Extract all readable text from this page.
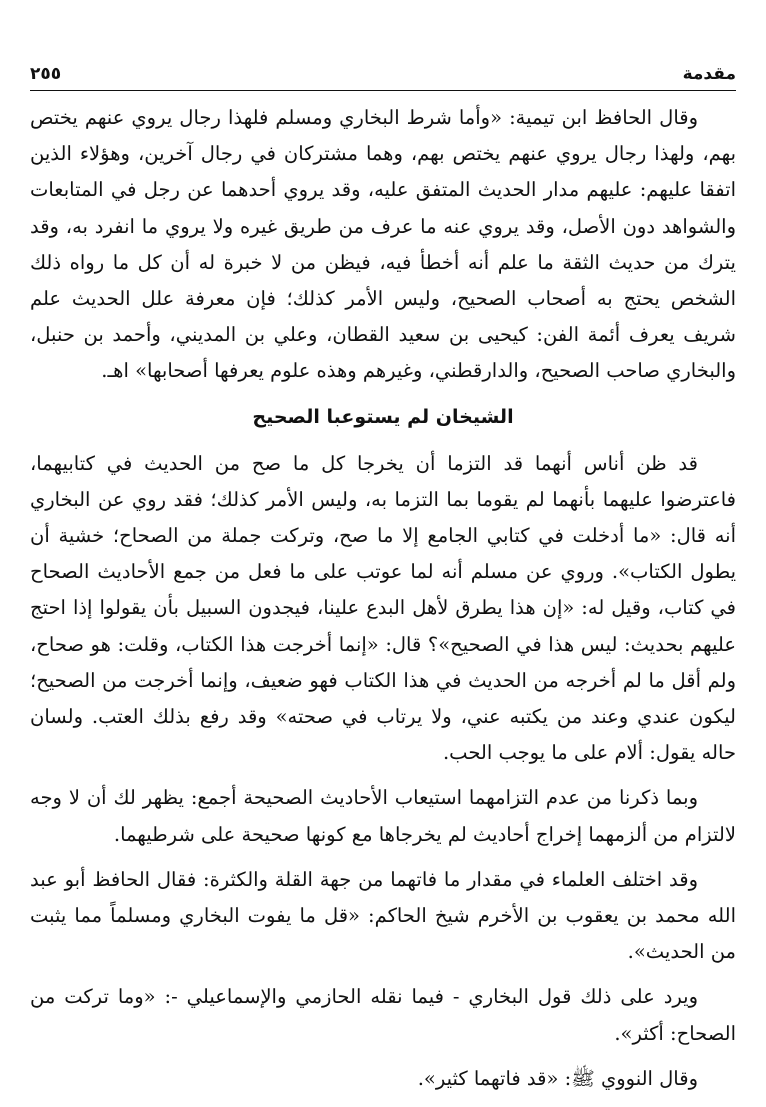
مقدمة
٢٥٥

وقال الحافظ ابن تيمية: «وأما شرط البخاري ومسلم فلهذا رجال يروي عنهم يختص بهم، ولهذا رجال يروي عنهم يختص بهم، وهما مشتركان في رجال آخرين، وهؤلاء الذين اتفقا عليهم: عليهم مدار الحديث المتفق عليه، وقد يروي أحدهما عن رجل في المتابعات والشواهد دون الأصل، وقد يروي عنه ما عرف من طريق غيره ولا يروي ما انفرد به، وقد يترك من حديث الثقة ما علم أنه أخطأ فيه، فيظن من لا خبرة له أن كل ما رواه ذلك الشخص يحتج به أصحاب الصحيح، وليس الأمر كذلك؛ فإن معرفة علل الحديث علم شريف يعرف أئمة الفن: كيحيى بن سعيد القطان، وعلي بن المديني، وأحمد بن حنبل، والبخاري صاحب الصحيح، والدارقطني، وغيرهم وهذه علوم يعرفها أصحابها» اهـ.

الشيخان لم يستوعبا الصحيح

قد ظن أناس أنهما قد التزما أن يخرجا كل ما صح من الحديث في كتابيهما، فاعترضوا عليهما بأنهما لم يقوما بما التزما به، وليس الأمر كذلك؛ فقد روي عن البخاري أنه قال: «ما أدخلت في كتابي الجامع إلا ما صح، وتركت جملة من الصحاح؛ خشية أن يطول الكتاب». وروي عن مسلم أنه لما عوتب على ما فعل من جمع الأحاديث الصحاح في كتاب، وقيل له: «إن هذا يطرق لأهل البدع علينا، فيجدون السبيل بأن يقولوا إذا احتج عليهم بحديث: ليس هذا في الصحيح»؟ قال: «إنما أخرجت هذا الكتاب، وقلت: هو صحاح، ولم أقل ما لم أخرجه من الحديث في هذا الكتاب فهو ضعيف، وإنما أخرجت من الصحيح؛ ليكون عندي وعند من يكتبه عني، ولا يرتاب في صحته» وقد رفع بذلك العتب. ولسان حاله يقول: ألام على ما يوجب الحب.

وبما ذكرنا من عدم التزامهما استيعاب الأحاديث الصحيحة أجمع: يظهر لك أن لا وجه لالتزام من ألزمهما إخراج أحاديث لم يخرجاها مع كونها صحيحة على شرطيهما.

وقد اختلف العلماء في مقدار ما فاتهما من جهة القلة والكثرة: فقال الحافظ أبو عبد الله محمد بن يعقوب بن الأخرم شيخ الحاكم: «قل ما يفوت البخاري ومسلماً مما يثبت من الحديث».

ويرد على ذلك قول البخاري - فيما نقله الحازمي والإسماعيلي -: «وما تركت من الصحاح: أكثر».

وقال النووي ﷺ: «قد فاتهما كثير».
